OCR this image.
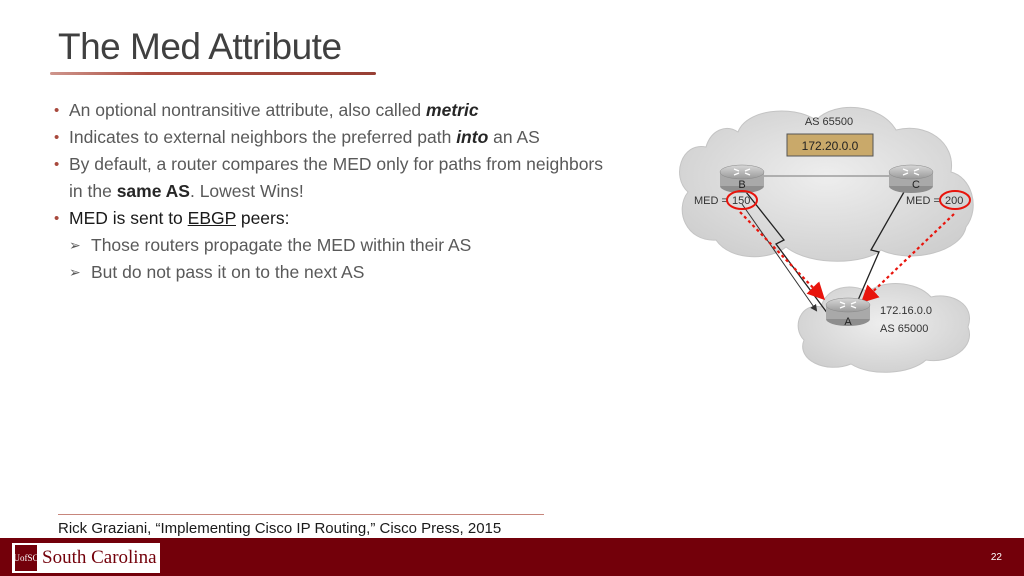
The Med Attribute
• An optional nontransitive attribute, also called metric
• Indicates to external neighbors the preferred path into an AS
• By default, a router compares the MED only for paths from neighbors
in the same AS. Lowest Wins!
• MED is sent to EBGP peers:
➢ Those routers propagate the MED within their AS
➢ But do not pass it on to the next AS
B	C
A
AS 65500
172.20.0.0
172.16.0.0
AS 65000
MED = 150	MED = 200
Rick Graziani, “Implementing Cisco IP Routing,” Cisco Press, 2015
UofSC South Carolina	22
